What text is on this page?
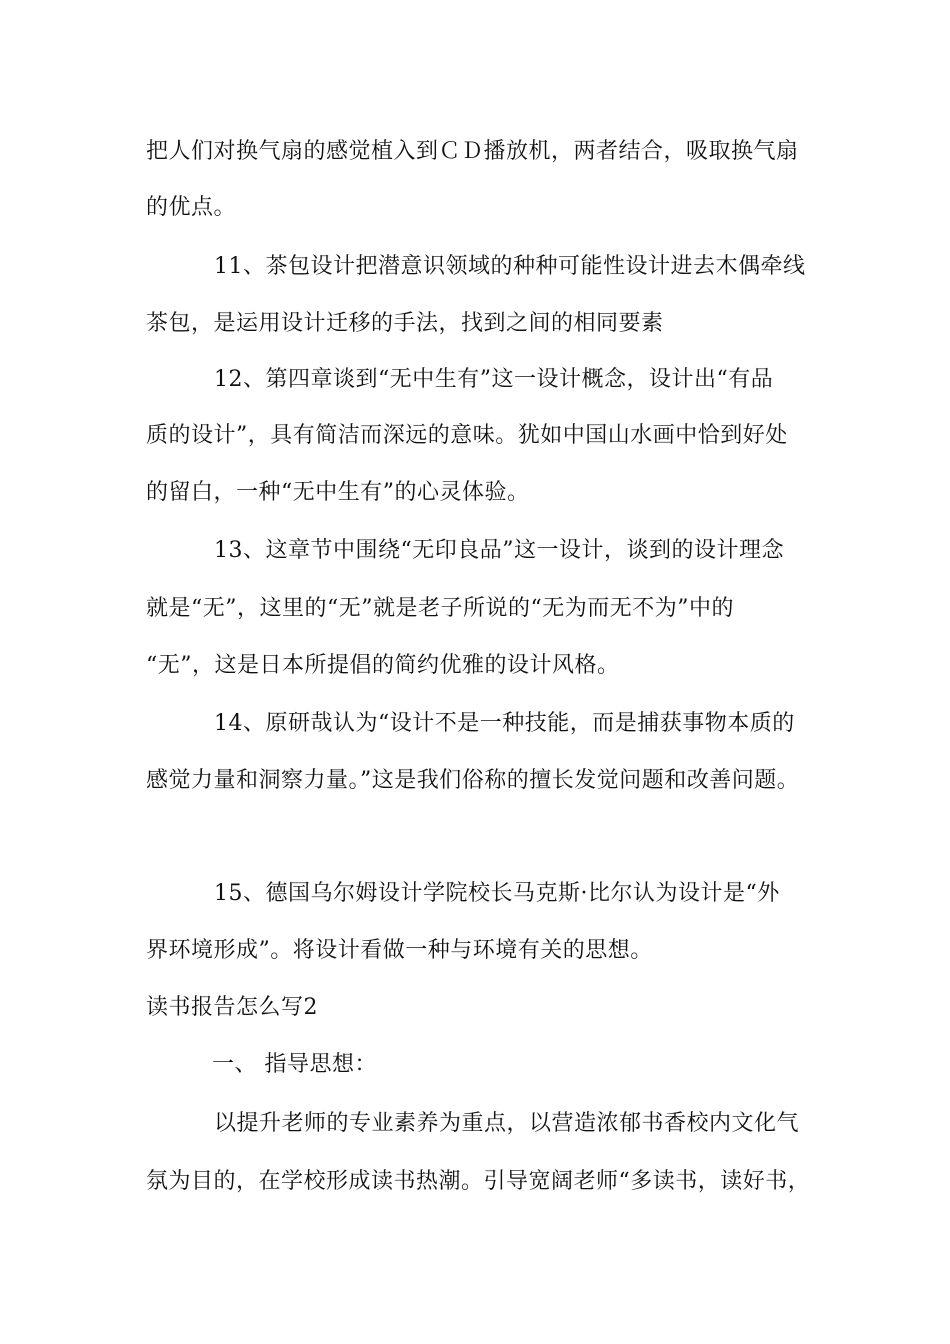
把人们对换气扇的感觉植入到ＣＤ播放机，两者结合，吸取换气扇
的优点。
11、茶包设计把潜意识领域的种种可能性设计进去木偶牵线
茶包，是运用设计迁移的手法，找到之间的相同要素
12、第四章谈到“无中生有”这一设计概念，设计出“有品
质的设计”，具有简洁而深远的意味。犹如中国山水画中恰到好处
的留白，一种“无中生有”的心灵体验。
13、这章节中围绕“无印良品”这一设计，谈到的设计理念
就是“无”，这里的“无”就是老子所说的“无为而无不为”中的
“无”，这是日本所提倡的简约优雅的设计风格。
14、原研哉认为“设计不是一种技能，而是捕获事物本质的
感觉力量和洞察力量。”这是我们俗称的擅长发觉问题和改善问题。
15、德国乌尔姆设计学院校长马克斯·比尔认为设计是“外
界环境形成”。将设计看做一种与环境有关的思想。
读书报告怎么写2
一、 指导思想：
以提升老师的专业素养为重点，以营造浓郁书香校内文化气
氛为目的，在学校形成读书热潮。引导宽阔老师“多读书，读好书，
